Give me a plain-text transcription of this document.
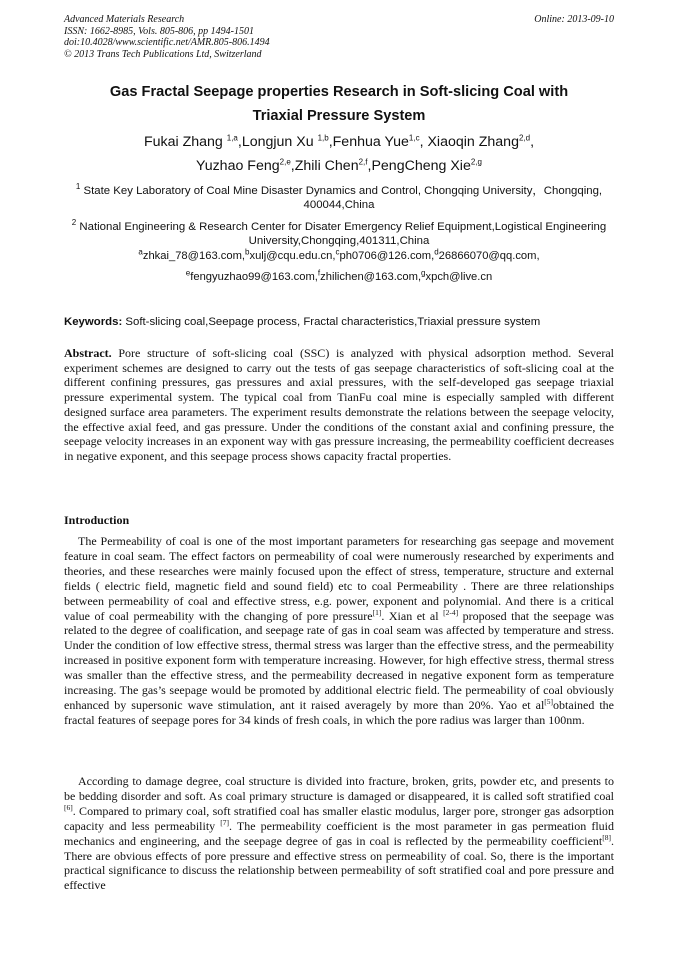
Advanced Materials Research
ISSN: 1662-8985, Vols. 805-806, pp 1494-1501
doi:10.4028/www.scientific.net/AMR.805-806.1494
© 2013 Trans Tech Publications Ltd, Switzerland
Online: 2013-09-10
Gas Fractal Seepage properties Research in Soft-slicing Coal with
Triaxial Pressure System
Fukai Zhang $^{1,a}$,Longjun Xu $^{1,b}$,Fenhua Yue$^{1,c}$, Xiaoqin Zhang$^{2,d}$,
Yuzhao Feng$^{2,e}$,Zhili Chen$^{2,f}$,PengCheng Xie$^{2,g}$
$^1$ State Key Laboratory of Coal Mine Disaster Dynamics and Control, Chongqing University，Chongqing, 400044,China
$^2$ National Engineering & Research Center for Disater Emergency Relief Equipment,Logistical Engineering University,Chongqing,401311,China
$^a$zhkai_78@163.com,$^b$xulj@cqu.edu.cn,$^c$ph0706@126.com,$^d$26866070@qq.com,
$^e$fengyuzhao99@163.com,$^f$zhilichen@163.com,$^g$xpch@live.cn
Keywords: Soft-slicing coal,Seepage process, Fractal characteristics,Triaxial pressure system

Abstract. Pore structure of soft-slicing coal (SSC) is analyzed with physical adsorption method. Several experiment schemes are designed to carry out the tests of gas seepage characteristics of soft-slicing coal at the different confining pressures, gas pressures and axial pressures, with the self-developed gas seepage triaxial pressure experimental system. The typical coal from TianFu coal mine is especially sampled with different designed surface area parameters. The experiment results demonstrate the relations between the seepage velocity, the effective axial feed, and gas pressure. Under the conditions of the constant axial and confining pressure, the seepage velocity increases in an exponent way with gas pressure increasing, the permeability coefficient decreases in negative exponent, and this seepage process shows capacity fractal properties.

Introduction

The Permeability of coal is one of the most important parameters for researching gas seepage and movement feature in coal seam. The effect factors on permeability of coal were numerously researched by experiments and theories, and these researches were mainly focused upon the effect of stress, temperature, structure and external fields ( electric field, magnetic field and sound field) etc to coal Permeability . There are three relationships between permeability of coal and effective stress, e.g. power, exponent and polynomial. And there is a critical value of coal permeability with the changing of pore pressure[1]. Xian et al [2-4] proposed that the seepage was related to the degree of coalification, and seepage rate of gas in coal seam was affected by temperature and stress. Under the condition of low effective stress, thermal stress was larger than the effective stress, and the permeability increased in positive exponent form with temperature increasing. However, for high effective stress, thermal stress was smaller than the effective stress, and the permeability decreased in negative exponent form as temperature increasing. The gas’s seepage would be promoted by additional electric field. The permeability of coal obviously enhanced by supersonic wave stimulation, ant it raised averagely by more than 20%. Yao et al[5]obtained the fractal features of seepage pores for 34 kinds of fresh coals, in which the pore radius was larger than 100nm.

According to damage degree, coal structure is divided into fracture, broken, grits, powder etc, and presents to be bedding disorder and soft. As coal primary structure is damaged or disappeared, it is called soft stratified coal [6]. Compared to primary coal, soft stratified coal has smaller elastic modulus, larger pore, stronger gas adsorption capacity and less permeability [7]. The permeability coefficient is the most parameter in gas permeation fluid mechanics and engineering, and the seepage degree of gas in coal is reflected by the permeability coefficient[8]. There are obvious effects of pore pressure and effective stress on permeability of coal. So, there is the important practical significance to discuss the relationship between permeability of soft stratified coal and pore pressure and effective
